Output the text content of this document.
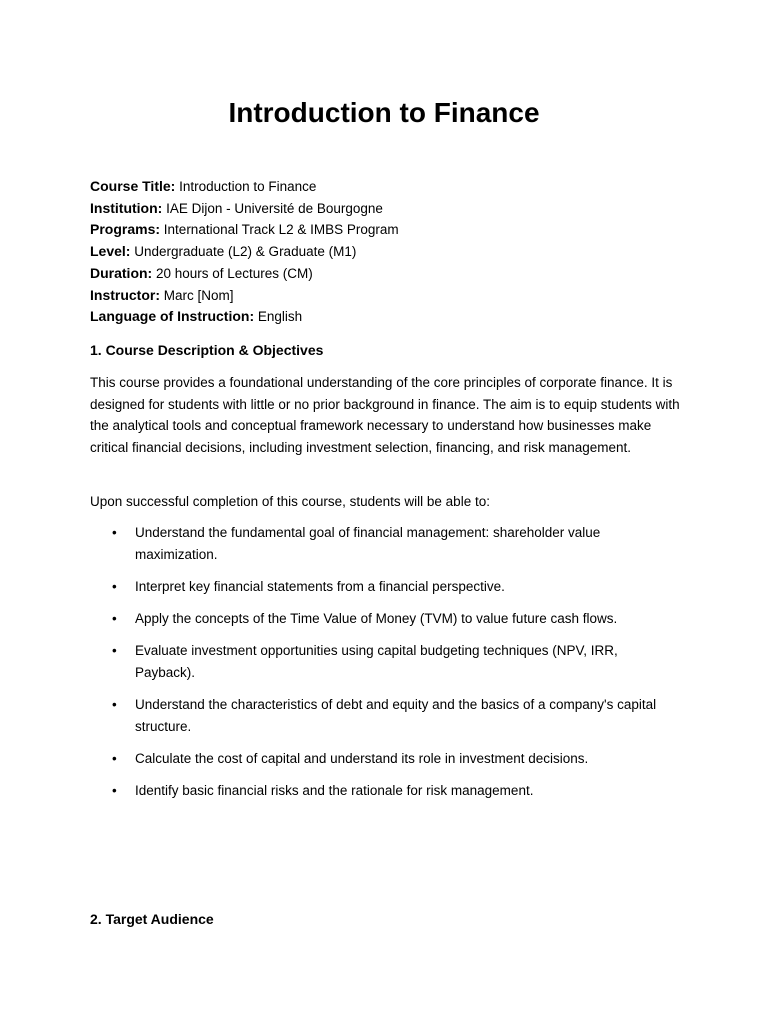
Introduction to Finance
Course Title: Introduction to Finance
Institution: IAE Dijon - Université de Bourgogne
Programs: International Track L2 & IMBS Program
Level: Undergraduate (L2) & Graduate (M1)
Duration: 20 hours of Lectures (CM)
Instructor: Marc [Nom]
Language of Instruction: English
1. Course Description & Objectives

This course provides a foundational understanding of the core principles of corporate finance. It is designed for students with little or no prior background in finance. The aim is to equip students with the analytical tools and conceptual framework necessary to understand how businesses make critical financial decisions, including investment selection, financing, and risk management.

Upon successful completion of this course, students will be able to:

• Understand the fundamental goal of financial management: shareholder value maximization.
• Interpret key financial statements from a financial perspective.
• Apply the concepts of the Time Value of Money (TVM) to value future cash flows.
• Evaluate investment opportunities using capital budgeting techniques (NPV, IRR, Payback).
• Understand the characteristics of debt and equity and the basics of a company's capital structure.
• Calculate the cost of capital and understand its role in investment decisions.
• Identify basic financial risks and the rationale for risk management.
2. Target Audience
